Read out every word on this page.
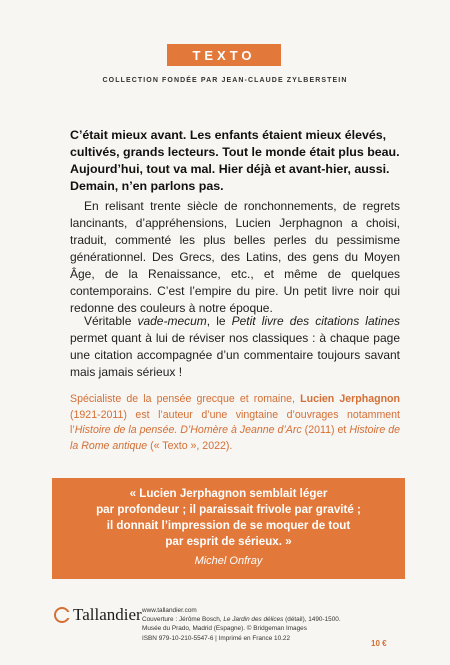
TEXTO
COLLECTION FONDÉE PAR JEAN-CLAUDE ZYLBERSTEIN
C’était mieux avant. Les enfants étaient mieux élevés,
cultivés, grands lecteurs. Tout le monde était plus beau.
Aujourd’hui, tout va mal. Hier déjà et avant-hier, aussi.
Demain, n’en parlons pas.

En relisant trente siècle de ronchonnements, de regrets lancinants, d’appréhensions, Lucien Jerphagnon a choisi, traduit, commenté les plus belles perles du pessimisme générationnel. Des Grecs, des Latins, des gens du Moyen Âge, de la Renaissance, etc., et même de quelques contemporains. C’est l’empire du pire. Un petit livre noir qui redonne des couleurs à notre époque.

Véritable vade-mecum, le Petit livre des citations latines permet quant à lui de réviser nos classiques : à chaque page une citation accompagnée d’un commentaire toujours savant mais jamais sérieux !

Spécialiste de la pensée grecque et romaine, Lucien Jerphagnon (1921-2011) est l’auteur d’une vingtaine d’ouvrages notamment l’Histoire de la pensée. D’Homère à Jeanne d’Arc (2011) et Histoire de la Rome antique (« Texto », 2022).

« Lucien Jerphagnon semblait léger
par profondeur ; il paraissait frivole par gravité ;
il donnait l’impression de se moquer de tout
par esprit de sérieux. »
Michel Onfray
Tallandier www.tallandier.com
Couverture : Jérôme Bosch, Le Jardin des délices (détail), 1490-1500.
Musée du Prado, Madrid (Espagne). © Bridgeman Images
ISBN 979-10-210-5547-6 | Imprimé en France 10.22
10 €
